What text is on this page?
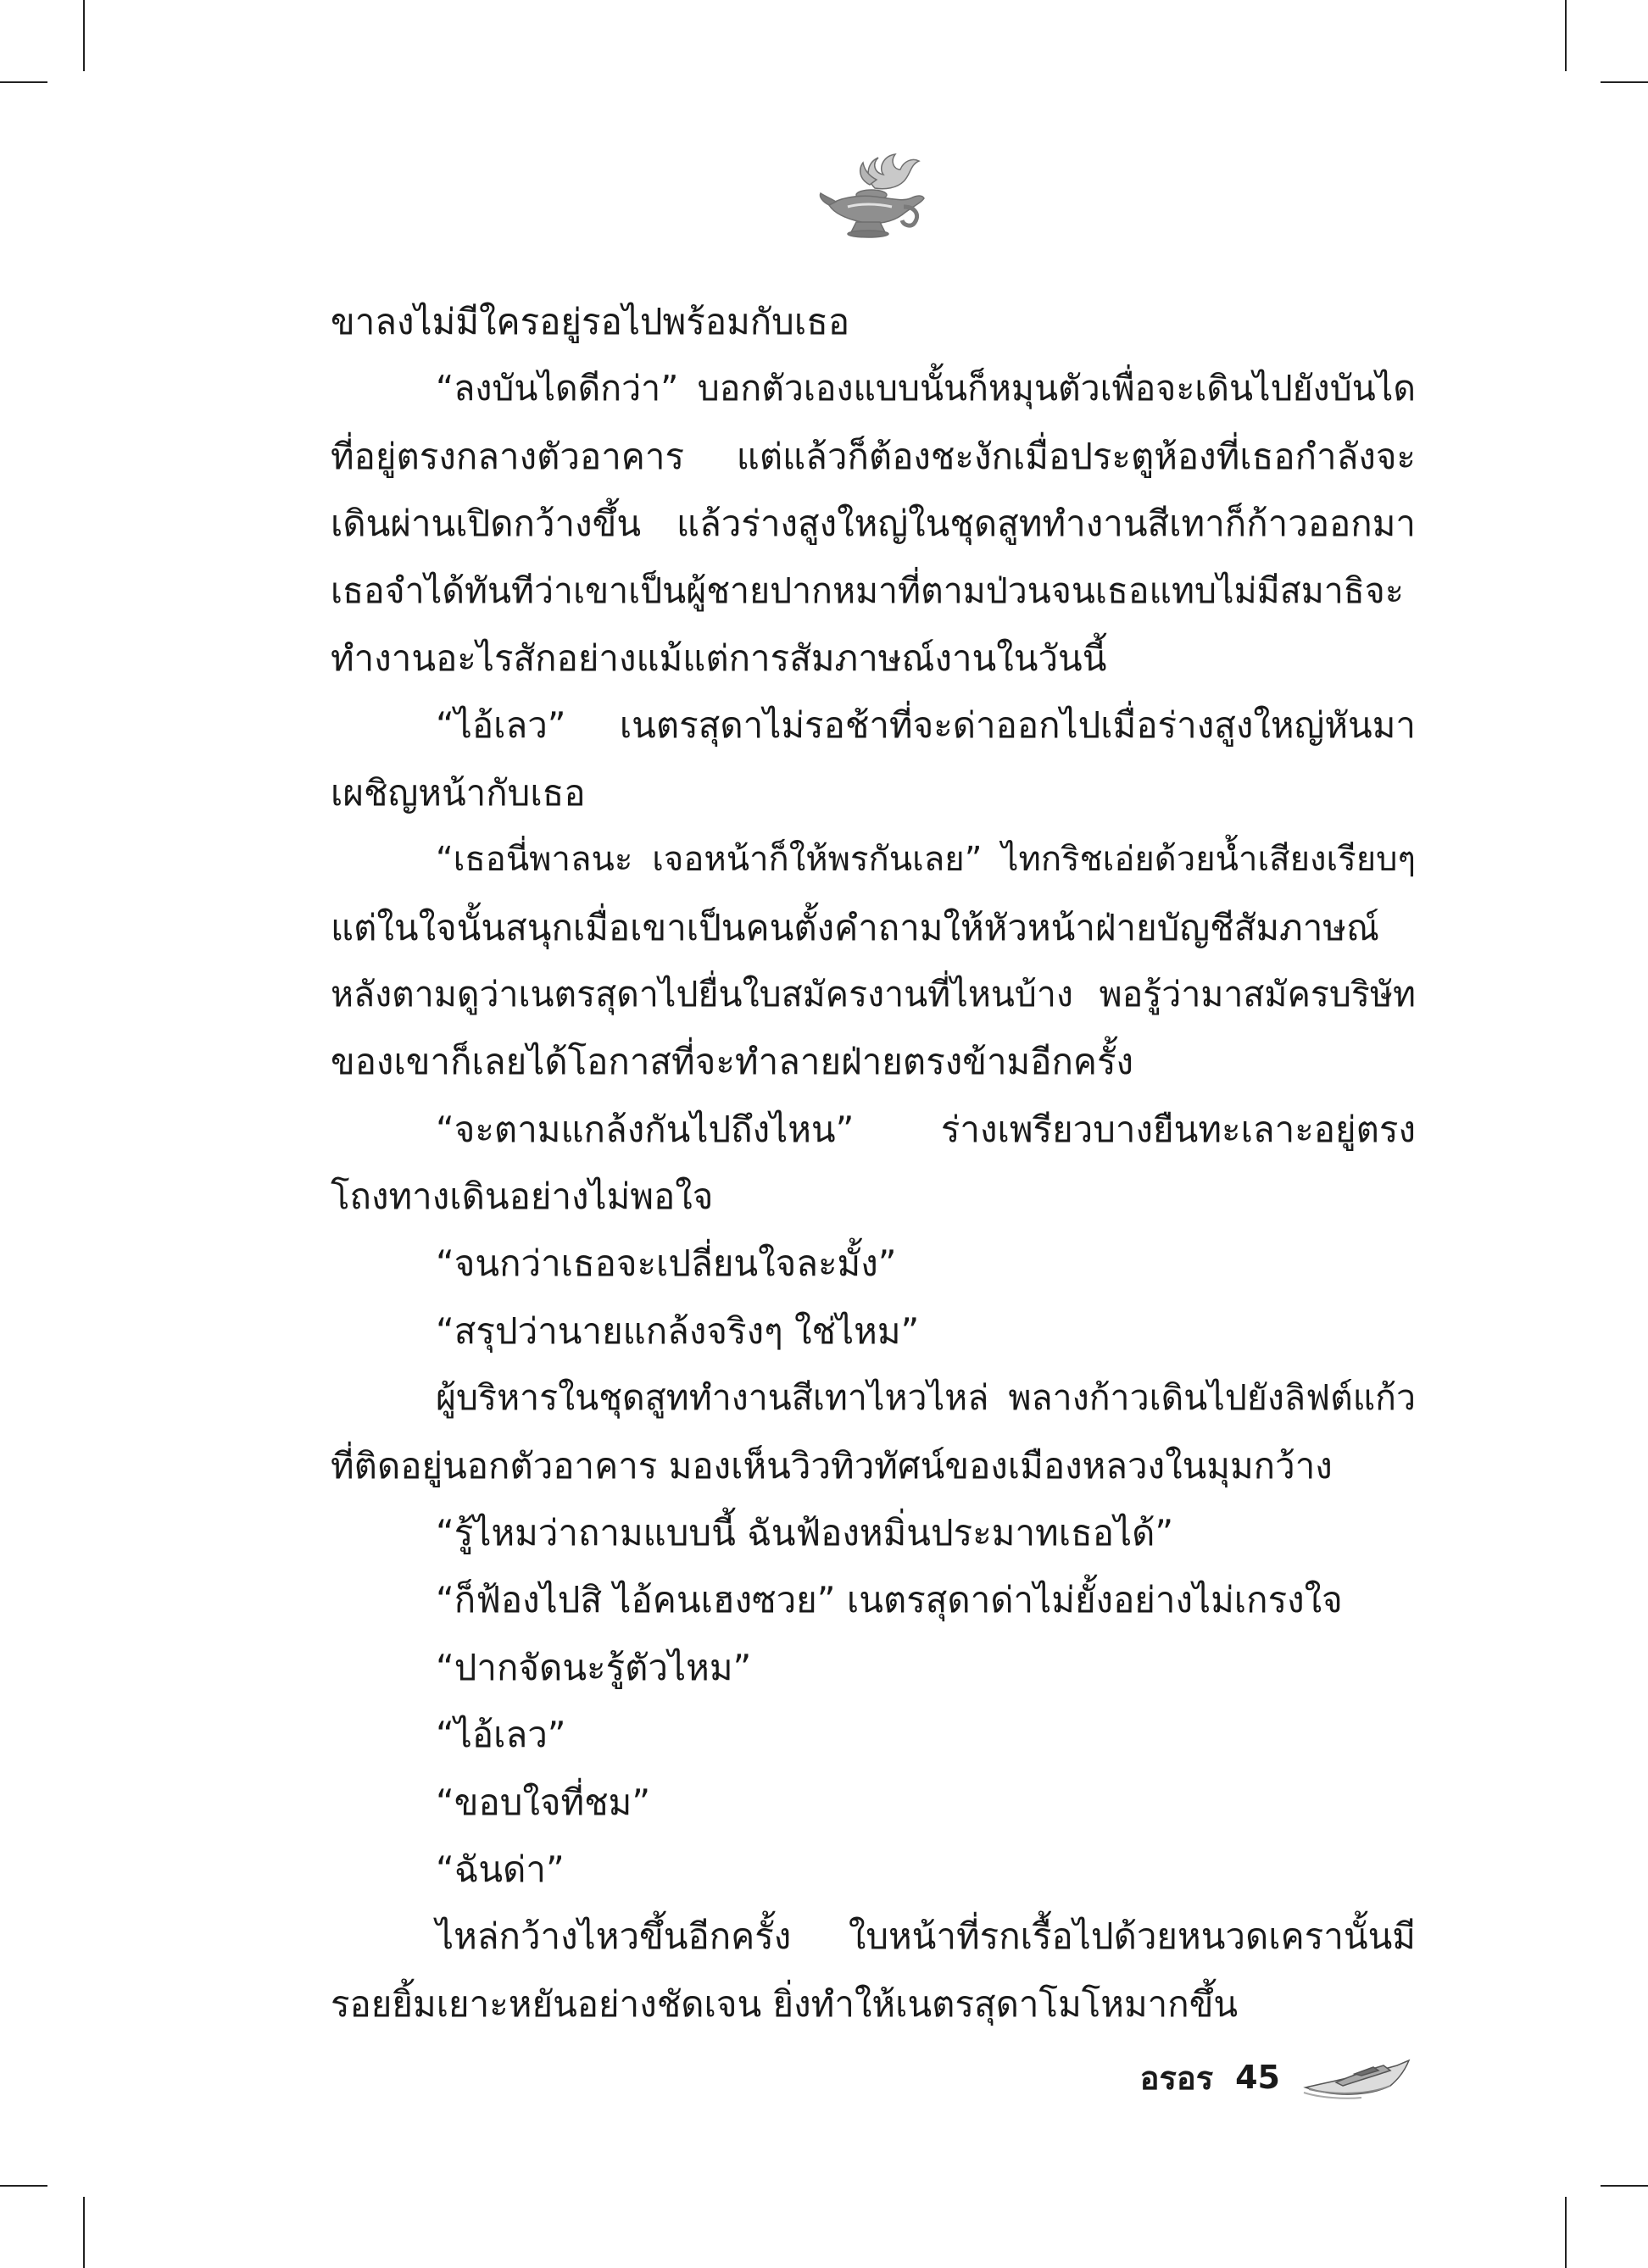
ขาลงไม่มีใครอยู่รอไปพร้อมกับเธอ
“ลงบันไดดีกว่า” บอกตัวเองแบบนั้นก็หมุนตัวเพื่อจะเดินไปยังบันได
ที่อยู่ตรงกลางตัวอาคาร แต่แล้วก็ต้องชะงักเมื่อประตูห้องที่เธอกำลังจะ
เดินผ่านเปิดกว้างขึ้น แล้วร่างสูงใหญ่ในชุดสูททำงานสีเทาก็ก้าวออกมา
เธอจำได้ทันทีว่าเขาเป็นผู้ชายปากหมาที่ตามป่วนจนเธอแทบไม่มีสมาธิจะ
ทำงานอะไรสักอย่างแม้แต่การสัมภาษณ์งานในวันนี้
“ไอ้เลว” เนตรสุดาไม่รอช้าที่จะด่าออกไปเมื่อร่างสูงใหญ่หันมา
เผชิญหน้ากับเธอ
“เธอนี่พาลนะ เจอหน้าก็ให้พรกันเลย” ไทกริชเอ่ยด้วยน้ำเสียงเรียบๆ
แต่ในใจนั้นสนุกเมื่อเขาเป็นคนตั้งคำถามให้หัวหน้าฝ่ายบัญชีสัมภาษณ์
หลังตามดูว่าเนตรสุดาไปยื่นใบสมัครงานที่ไหนบ้าง พอรู้ว่ามาสมัครบริษัท
ของเขาก็เลยได้โอกาสที่จะทำลายฝ่ายตรงข้ามอีกครั้ง
“จะตามแกล้งกันไปถึงไหน” ร่างเพรียวบางยืนทะเลาะอยู่ตรง
โถงทางเดินอย่างไม่พอใจ
“จนกว่าเธอจะเปลี่ยนใจละมั้ง”
“สรุปว่านายแกล้งจริงๆ ใช่ไหม”
ผู้บริหารในชุดสูททำงานสีเทาไหวไหล่ พลางก้าวเดินไปยังลิฟต์แก้ว
ที่ติดอยู่นอกตัวอาคาร มองเห็นวิวทิวทัศน์ของเมืองหลวงในมุมกว้าง
“รู้ไหมว่าถามแบบนี้ ฉันฟ้องหมิ่นประมาทเธอได้”
“ก็ฟ้องไปสิ ไอ้คนเฮงซวย” เนตรสุดาด่าไม่ยั้งอย่างไม่เกรงใจ
“ปากจัดนะรู้ตัวไหม”
“ไอ้เลว”
“ขอบใจที่ชม”
“ฉันด่า”
ไหล่กว้างไหวขึ้นอีกครั้ง ใบหน้าที่รกเรื้อไปด้วยหนวดเครานั้นมี
รอยยิ้มเยาะหยันอย่างชัดเจน ยิ่งทำให้เนตรสุดาโมโหมากขึ้น
อรอร 45
